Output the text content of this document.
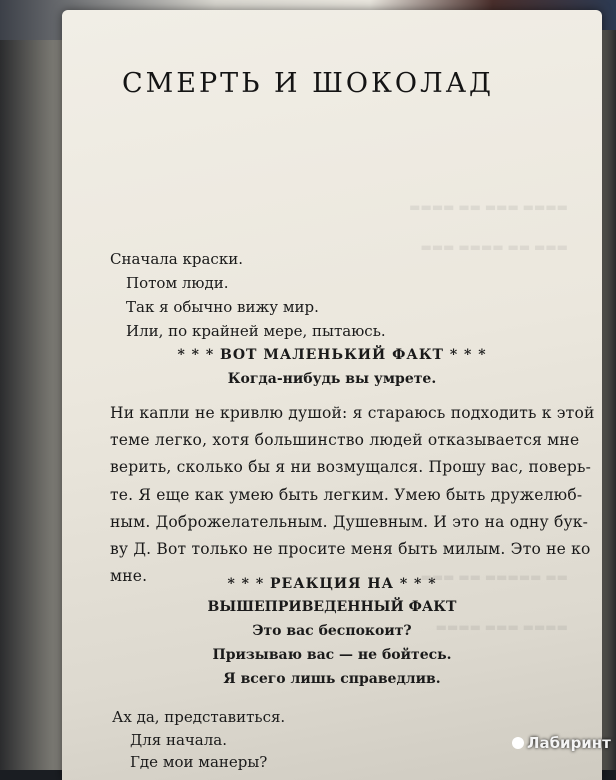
▬▬▬▬ ▬▬ ▬▬▬ ▬▬▬▬
▬▬▬ ▬▬▬▬ ▬▬ ▬▬▬
▬▬▬ ▬▬ ▬▬▬▬▬ ▬▬
▬▬▬▬ ▬▬▬ ▬▬▬▬
СМЕРТЬ И ШОКОЛАД
Сначала краски.
Потом люди.
Так я обычно вижу мир.
Или, по крайней мере, пытаюсь.
* * * ВОТ МАЛЕНЬКИЙ ФАКТ * * *
Когда-нибудь вы умрете.
Ни капли не кривлю душой: я стараюсь подходить к этой
теме легко, хотя большинство людей отказывается мне
верить, сколько бы я ни возмущался. Прошу вас, поверь-
те. Я еще как умею быть легким. Умею быть дружелюб-
ным. Доброжелательным. Душевным. И это на одну бук-
ву Д. Вот только не просите меня быть милым. Это не ко
мне.	* * * РЕАКЦИЯ НА * * *
ВЫШЕПРИВЕДЕННЫЙ ФАКТ
Это вас беспокоит?
Призываю вас — не бойтесь.
Я всего лишь справедлив.
Ах да, представиться.
Для начала.
Где мои манеры?
Лабиринт
